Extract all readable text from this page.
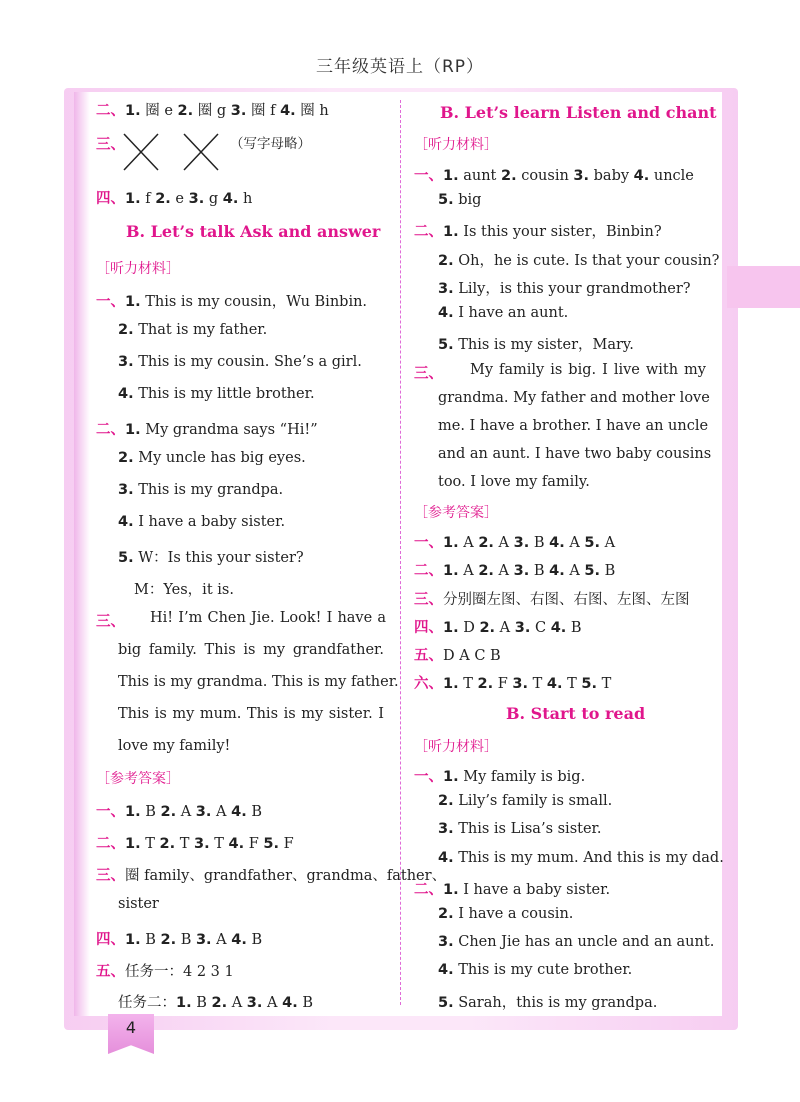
三年级英语上（RP）
4
二、1. 圈 e 2. 圈 g 3. 圈 f 4. 圈 h
三、	（写字母略）
四、1. f 2. e 3. g 4. h
B. Let’s talk Ask and answer
［听力材料］
一、1. This is my cousin，Wu Binbin.
2. That is my father.
3. This is my cousin. She’s a girl.
4. This is my little brother.
二、1. My grandma says “Hi!”
2. My uncle has big eyes.
3. This is my grandpa.
4. I have a baby sister.
5. W：Is this your sister?
M：Yes，it is.
三、 Hi! I’m Chen Jie. Look! I have a
big family. This is my grandfather.
This is my grandma. This is my father.
This is my mum. This is my sister. I
love my family!
［参考答案］
一、1. B 2. A 3. A 4. B
二、1. T 2. T 3. T 4. F 5. F
三、圈 family、grandfather、grandma、father、
sister
四、1. B 2. B 3. A 4. B
五、任务一：4 2 3 1
任务二：1. B 2. A 3. A 4. B
B. Let’s learn Listen and chant
［听力材料］
一、1. aunt 2. cousin 3. baby 4. uncle
5. big
二、1. Is this your sister，Binbin?
2. Oh，he is cute. Is that your cousin?
3. Lily，is this your grandmother?
4. I have an aunt.
5. This is my sister，Mary.
三、 My family is big. I live with my
grandma. My father and mother love
me. I have a brother. I have an uncle
and an aunt. I have two baby cousins
too. I love my family.
［参考答案］
一、1. A 2. A 3. B 4. A 5. A
二、1. A 2. A 3. B 4. A 5. B
三、分别圈左图、右图、右图、左图、左图
四、1. D 2. A 3. C 4. B
五、D A C B
六、1. T 2. F 3. T 4. T 5. T
B. Start to read
［听力材料］
一、1. My family is big.
2. Lily’s family is small.
3. This is Lisa’s sister.
4. This is my mum. And this is my dad.
二、1. I have a baby sister.
2. I have a cousin.
3. Chen Jie has an uncle and an aunt.
4. This is my cute brother.
5. Sarah，this is my grandpa.
